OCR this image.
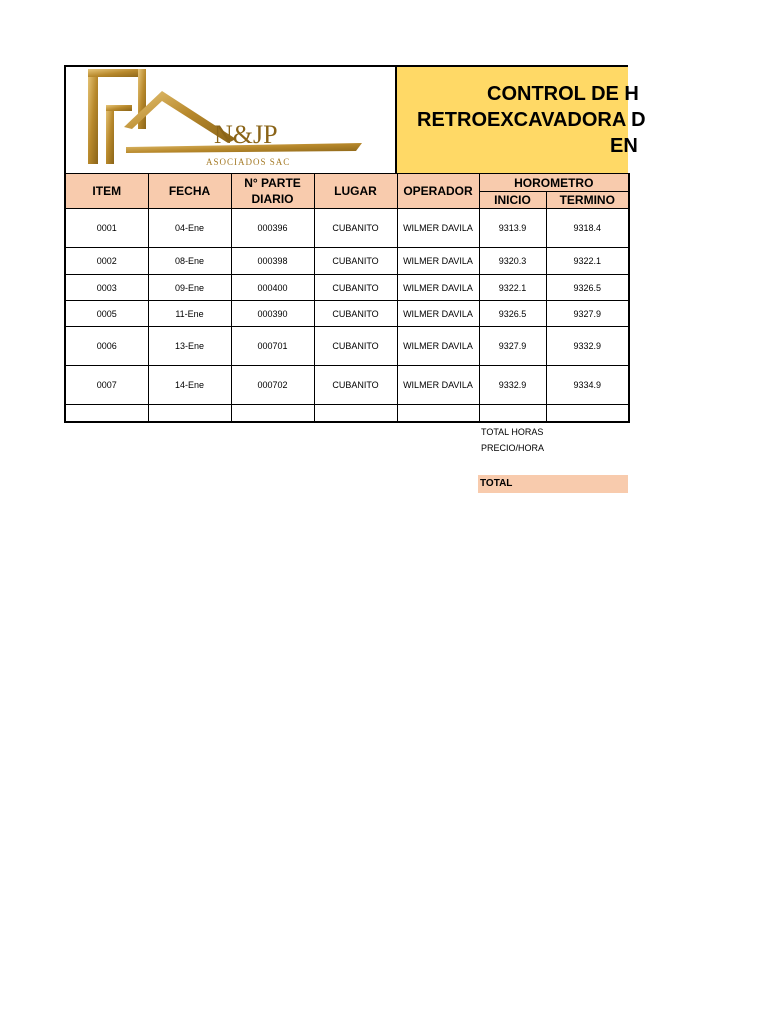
N&JP
ASOCIADOS SAC
CONTROL DE H
RETROEXCAVADORA D
EN
ITEM	FECHA	N° PARTE DIARIO	LUGAR	OPERADOR	HOROMETRO	
					INICIO	TERMINO
0001	04-Ene	000396	CUBANITO	WILMER DAVILA	9313.9	9318.4
0002	08-Ene	000398	CUBANITO	WILMER DAVILA	9320.3	9322.1
0003	09-Ene	000400	CUBANITO	WILMER DAVILA	9322.1	9326.5
0005	11-Ene	000390	CUBANITO	WILMER DAVILA	9326.5	9327.9
0006	13-Ene	000701	CUBANITO	WILMER DAVILA	9327.9	9332.9
0007	14-Ene	000702	CUBANITO	WILMER DAVILA	9332.9	9334.9

TOTAL HORAS
PRECIO/HORA
TOTAL
